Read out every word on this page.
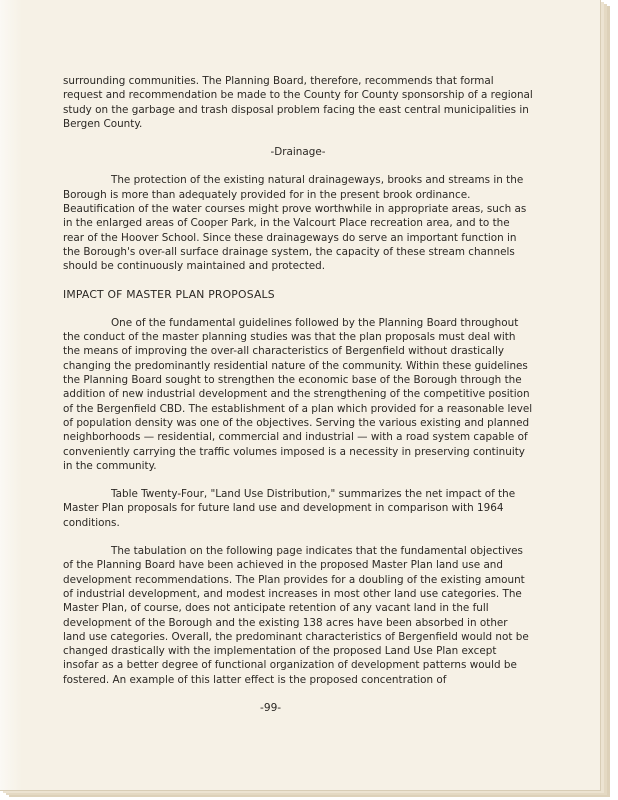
surrounding communities. The Planning Board, therefore, recommends that formal request and recommendation be made to the County for County sponsorship of a regional study on the garbage and trash disposal problem facing the east central municipalities in Bergen County.

-Drainage-

The protection of the existing natural drainageways, brooks and streams in the Borough is more than adequately provided for in the present brook ordinance. Beautification of the water courses might prove worthwhile in appropriate areas, such as in the enlarged areas of Cooper Park, in the Valcourt Place recreation area, and to the rear of the Hoover School. Since these drainageways do serve an important function in the Borough's over-all surface drainage system, the capacity of these stream channels should be continuously maintained and protected.

IMPACT OF MASTER PLAN PROPOSALS

One of the fundamental guidelines followed by the Planning Board throughout the conduct of the master planning studies was that the plan proposals must deal with the means of improving the over-all characteristics of Bergenfield without drastically changing the predominantly residential nature of the community. Within these guidelines the Planning Board sought to strengthen the economic base of the Borough through the addition of new industrial development and the strengthening of the competitive position of the Bergenfield CBD. The establishment of a plan which provided for a reasonable level of population density was one of the objectives. Serving the various existing and planned neighborhoods — residential, commercial and industrial — with a road system capable of conveniently carrying the traffic volumes imposed is a necessity in preserving continuity in the community.

Table Twenty-Four, "Land Use Distribution," summarizes the net impact of the Master Plan proposals for future land use and development in comparison with 1964 conditions.

The tabulation on the following page indicates that the fundamental objectives of the Planning Board have been achieved in the proposed Master Plan land use and development recommendations. The Plan provides for a doubling of the existing amount of industrial development, and modest increases in most other land use categories. The Master Plan, of course, does not anticipate retention of any vacant land in the full development of the Borough and the existing 138 acres have been absorbed in other land use categories. Overall, the predominant characteristics of Bergenfield would not be changed drastically with the implementation of the proposed Land Use Plan except insofar as a better degree of functional organization of development patterns would be fostered. An example of this latter effect is the proposed concentration of

-99-
